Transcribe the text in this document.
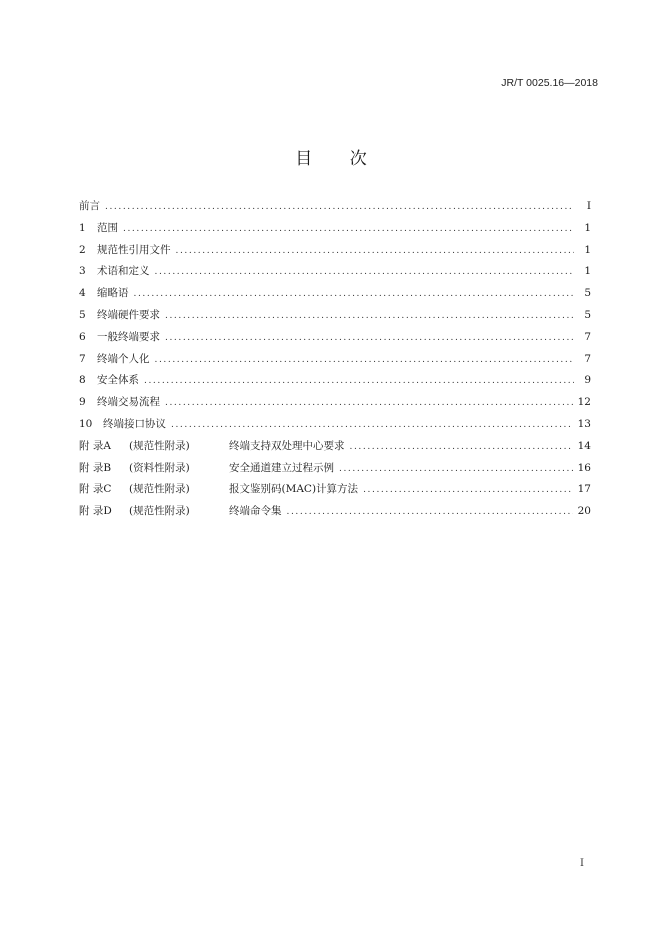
JR/T 0025.16—2018
目 次
前言 .....	I
1	范围 .....	1
2	规范性引用文件 .....	1
3	术语和定义 .....	1
4	缩略语 .....	5
5	终端硬件要求 .....	5
6	一般终端要求 .....	7
7	终端个人化 .....	7
8	安全体系 .....	9
9	终端交易流程 .....	12
10	终端接口协议 .....	13
附 录A	(规范性附录)	终端支持双处理中心要求 .....	14
附 录B	(资料性附录)	安全通道建立过程示例 .....	16
附 录C	(规范性附录)	报文鉴别码(MAC)计算方法 .....	17
附 录D	(规范性附录)	终端命令集 .....	20
I
